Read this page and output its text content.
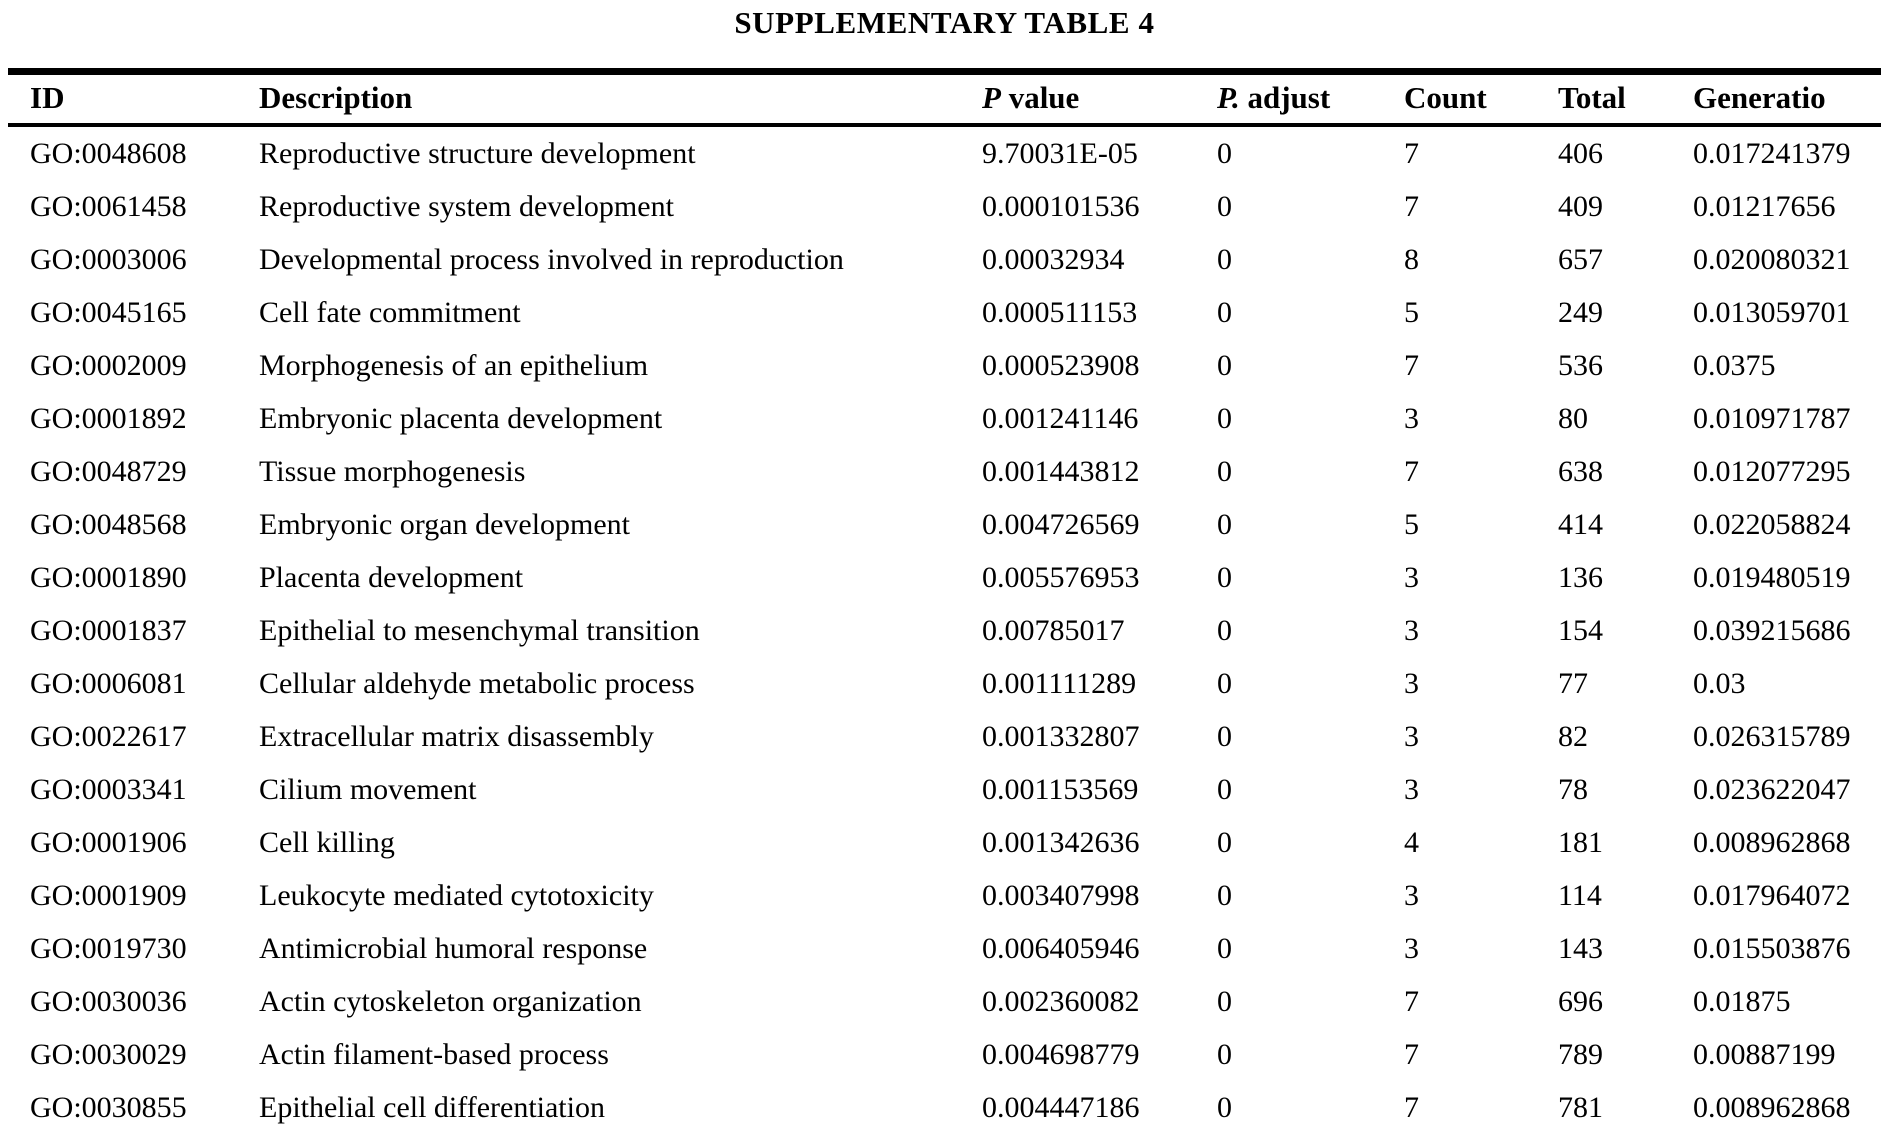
SUPPLEMENTARY TABLE 4
ID	Description	P value	P. adjust	Count	Total	Generatio
GO:0048608	Reproductive structure development	9.70031E-05	0	7	406	0.017241379
GO:0061458	Reproductive system development	0.000101536	0	7	409	0.01217656
GO:0003006	Developmental process involved in reproduction	0.00032934	0	8	657	0.020080321
GO:0045165	Cell fate commitment	0.000511153	0	5	249	0.013059701
GO:0002009	Morphogenesis of an epithelium	0.000523908	0	7	536	0.0375
GO:0001892	Embryonic placenta development	0.001241146	0	3	80	0.010971787
GO:0048729	Tissue morphogenesis	0.001443812	0	7	638	0.012077295
GO:0048568	Embryonic organ development	0.004726569	0	5	414	0.022058824
GO:0001890	Placenta development	0.005576953	0	3	136	0.019480519
GO:0001837	Epithelial to mesenchymal transition	0.00785017	0	3	154	0.039215686
GO:0006081	Cellular aldehyde metabolic process	0.001111289	0	3	77	0.03
GO:0022617	Extracellular matrix disassembly	0.001332807	0	3	82	0.026315789
GO:0003341	Cilium movement	0.001153569	0	3	78	0.023622047
GO:0001906	Cell killing	0.001342636	0	4	181	0.008962868
GO:0001909	Leukocyte mediated cytotoxicity	0.003407998	0	3	114	0.017964072
GO:0019730	Antimicrobial humoral response	0.006405946	0	3	143	0.015503876
GO:0030036	Actin cytoskeleton organization	0.002360082	0	7	696	0.01875
GO:0030029	Actin filament-based process	0.004698779	0	7	789	0.00887199
GO:0030855	Epithelial cell differentiation	0.004447186	0	7	781	0.008962868
